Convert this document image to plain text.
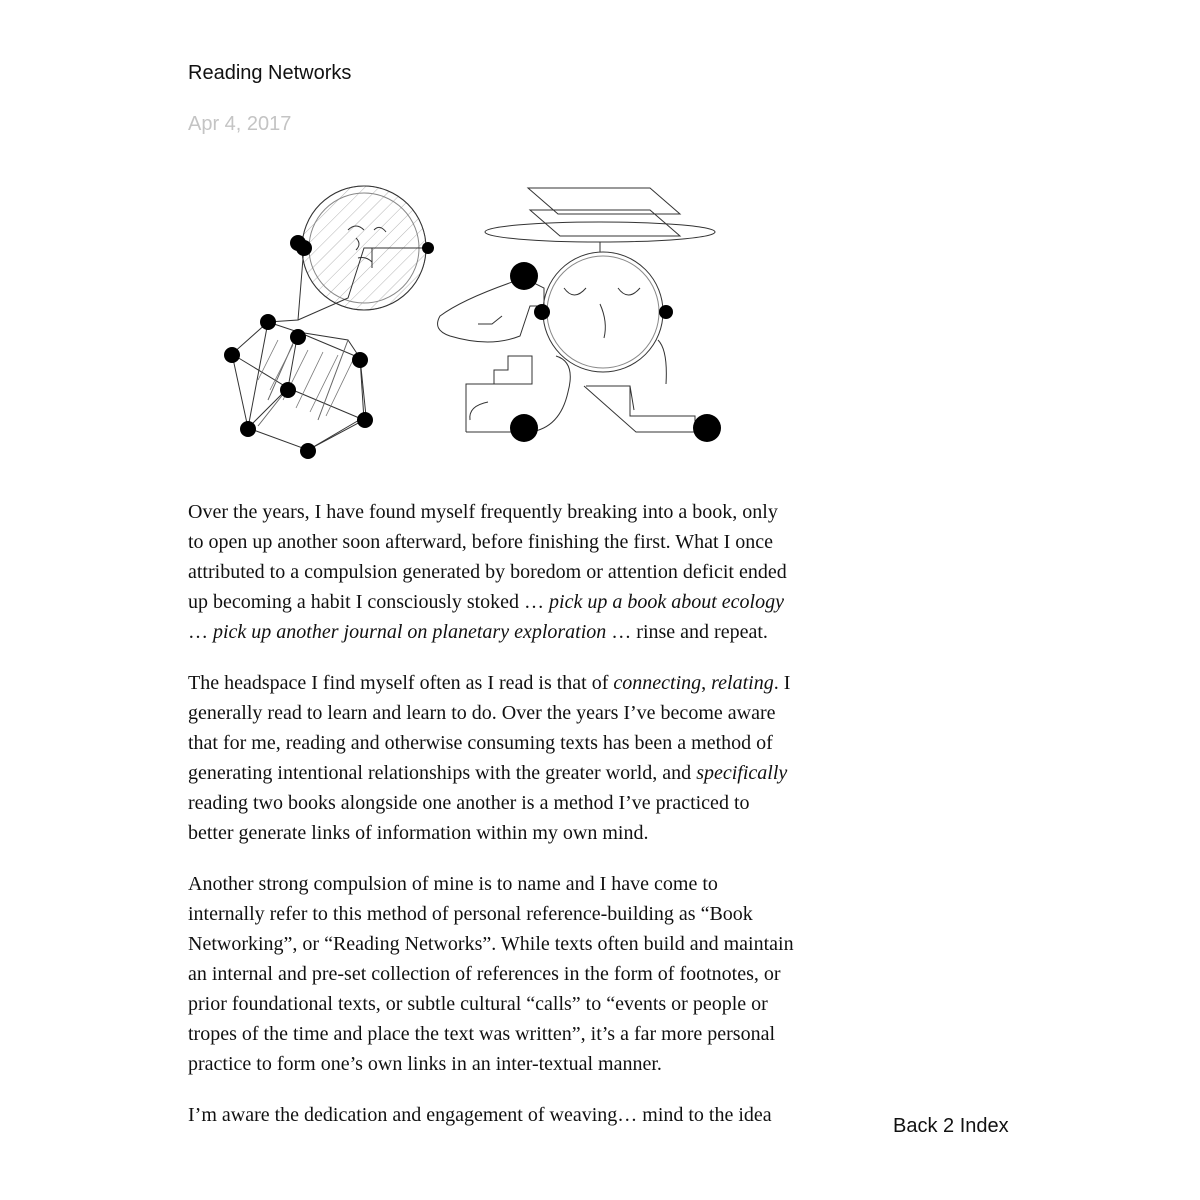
Reading Networks
Apr 4, 2017

Over the years, I have found myself frequently breaking into a book, only to open up another soon afterward, before finishing the first. What I once attributed to a compulsion generated by boredom or attention deficit ended up becoming a habit I consciously stoked … pick up a book about ecology … pick up another journal on planetary exploration … rinse and repeat.

The headspace I find myself often as I read is that of connecting, relating. I generally read to learn and learn to do. Over the years I’ve become aware that for me, reading and otherwise consuming texts has been a method of generating intentional relationships with the greater world, and specifically reading two books alongside one another is a method I’ve practiced to better generate links of information within my own mind.

Another strong compulsion of mine is to name and I have come to internally refer to this method of personal reference-building as “Book Networking”, or “Reading Networks”. While texts often build and maintain an internal and pre-set collection of references in the form of footnotes, or prior foundational texts, or subtle cultural “calls” to “events or people or tropes of the time and place the text was written”, it’s a far more personal practice to form one’s own links in an inter-textual manner.

I’m aware the dedication and engagement of weaving… mind to the idea	Back 2 Index
